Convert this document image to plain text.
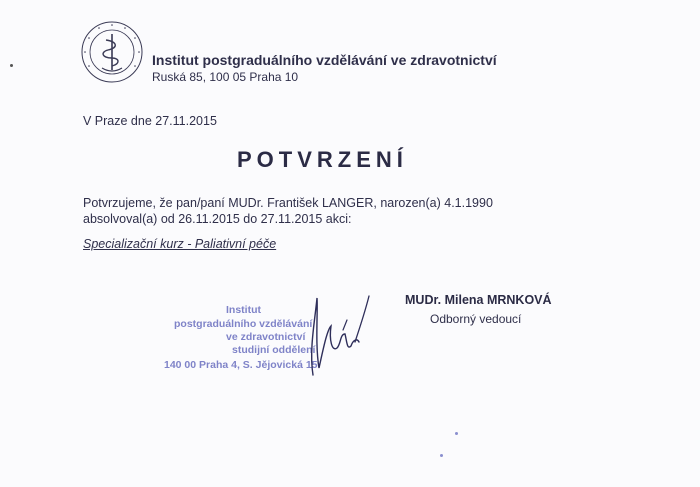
Institut postgraduálního vzdělávání ve zdravotnictví
Ruská 85, 100 05 Praha 10
V Praze dne 27.11.2015
POTVRZENÍ
Potvrzujeme, že pan/paní MUDr. František LANGER, narozen(a) 4.1.1990
absolvoval(a) od 26.11.2015 do 27.11.2015 akci:
Specializační kurz - Paliativní péče
MUDr. Milena MRNKOVÁ
Odborný vedoucí
Institut
postgraduálního vzdělávání
ve zdravotnictví
studijní oddělení
140 00 Praha 4, S. Jějovická 15
